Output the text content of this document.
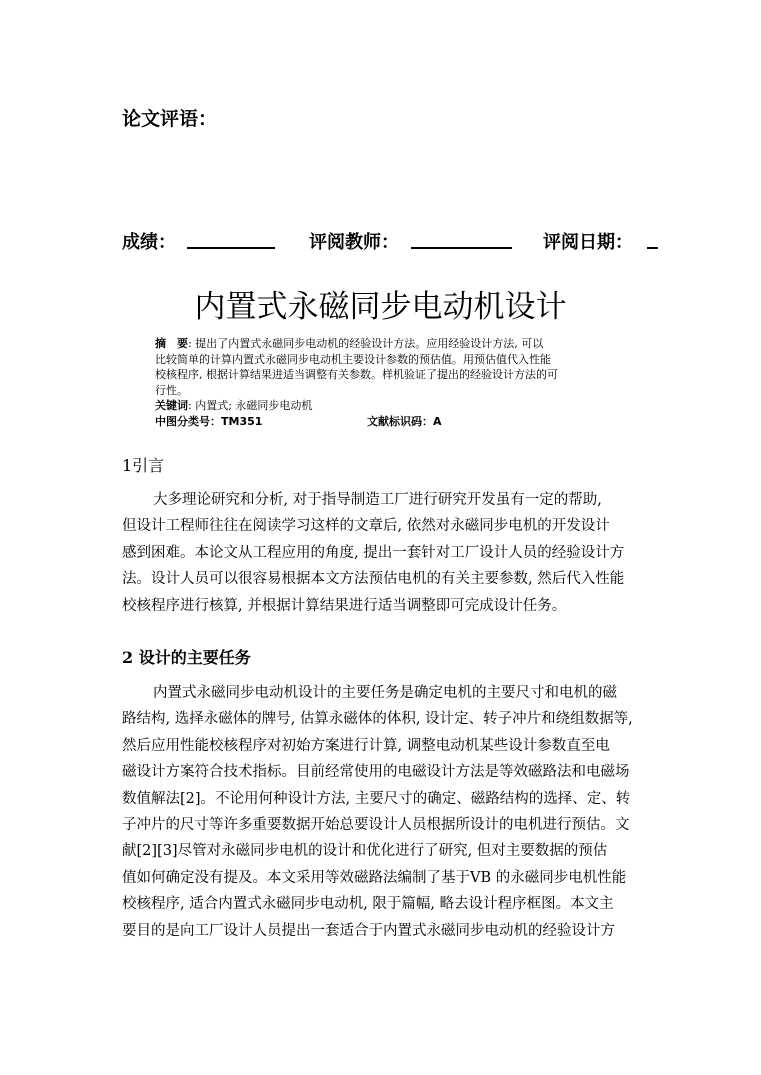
论文评语：
成绩：	评阅教师：	评阅日期：
内置式永磁同步电动机设计
摘　要: 提出了内置式永磁同步电动机的经验设计方法。应用经验设计方法, 可以
比较简单的计算内置式永磁同步电动机主要设计参数的预估值。用预估值代入性能
校核程序, 根据计算结果进适当调整有关参数。样机验证了提出的经验设计方法的可
行性。
关键词: 内置式; 永磁同步电动机
中图分类号：TM351	文献标识码：A
1引言
大多理论研究和分析, 对于指导制造工厂进行研究开发虽有一定的帮助,
但设计工程师往往在阅读学习这样的文章后, 依然对永磁同步电机的开发设计
感到困难。本论文从工程应用的角度, 提出一套针对工厂设计人员的经验设计方
法。设计人员可以很容易根据本文方法预估电机的有关主要参数, 然后代入性能
校核程序进行核算, 并根据计算结果进行适当调整即可完成设计任务。
2 设计的主要任务
内置式永磁同步电动机设计的主要任务是确定电机的主要尺寸和电机的磁
路结构, 选择永磁体的牌号, 估算永磁体的体积, 设计定、转子冲片和绕组数据等,
然后应用性能校核程序对初始方案进行计算, 调整电动机某些设计参数直至电
磁设计方案符合技术指标。目前经常使用的电磁设计方法是等效磁路法和电磁场
数值解法[2]。不论用何种设计方法, 主要尺寸的确定、磁路结构的选择、定、转
子冲片的尺寸等许多重要数据开始总要设计人员根据所设计的电机进行预估。文
献[2][3]尽管对永磁同步电机的设计和优化进行了研究, 但对主要数据的预估
值如何确定没有提及。本文采用等效磁路法编制了基于VB 的永磁同步电机性能
校核程序, 适合内置式永磁同步电动机, 限于篇幅, 略去设计程序框图。本文主
要目的是向工厂设计人员提出一套适合于内置式永磁同步电动机的经验设计方
